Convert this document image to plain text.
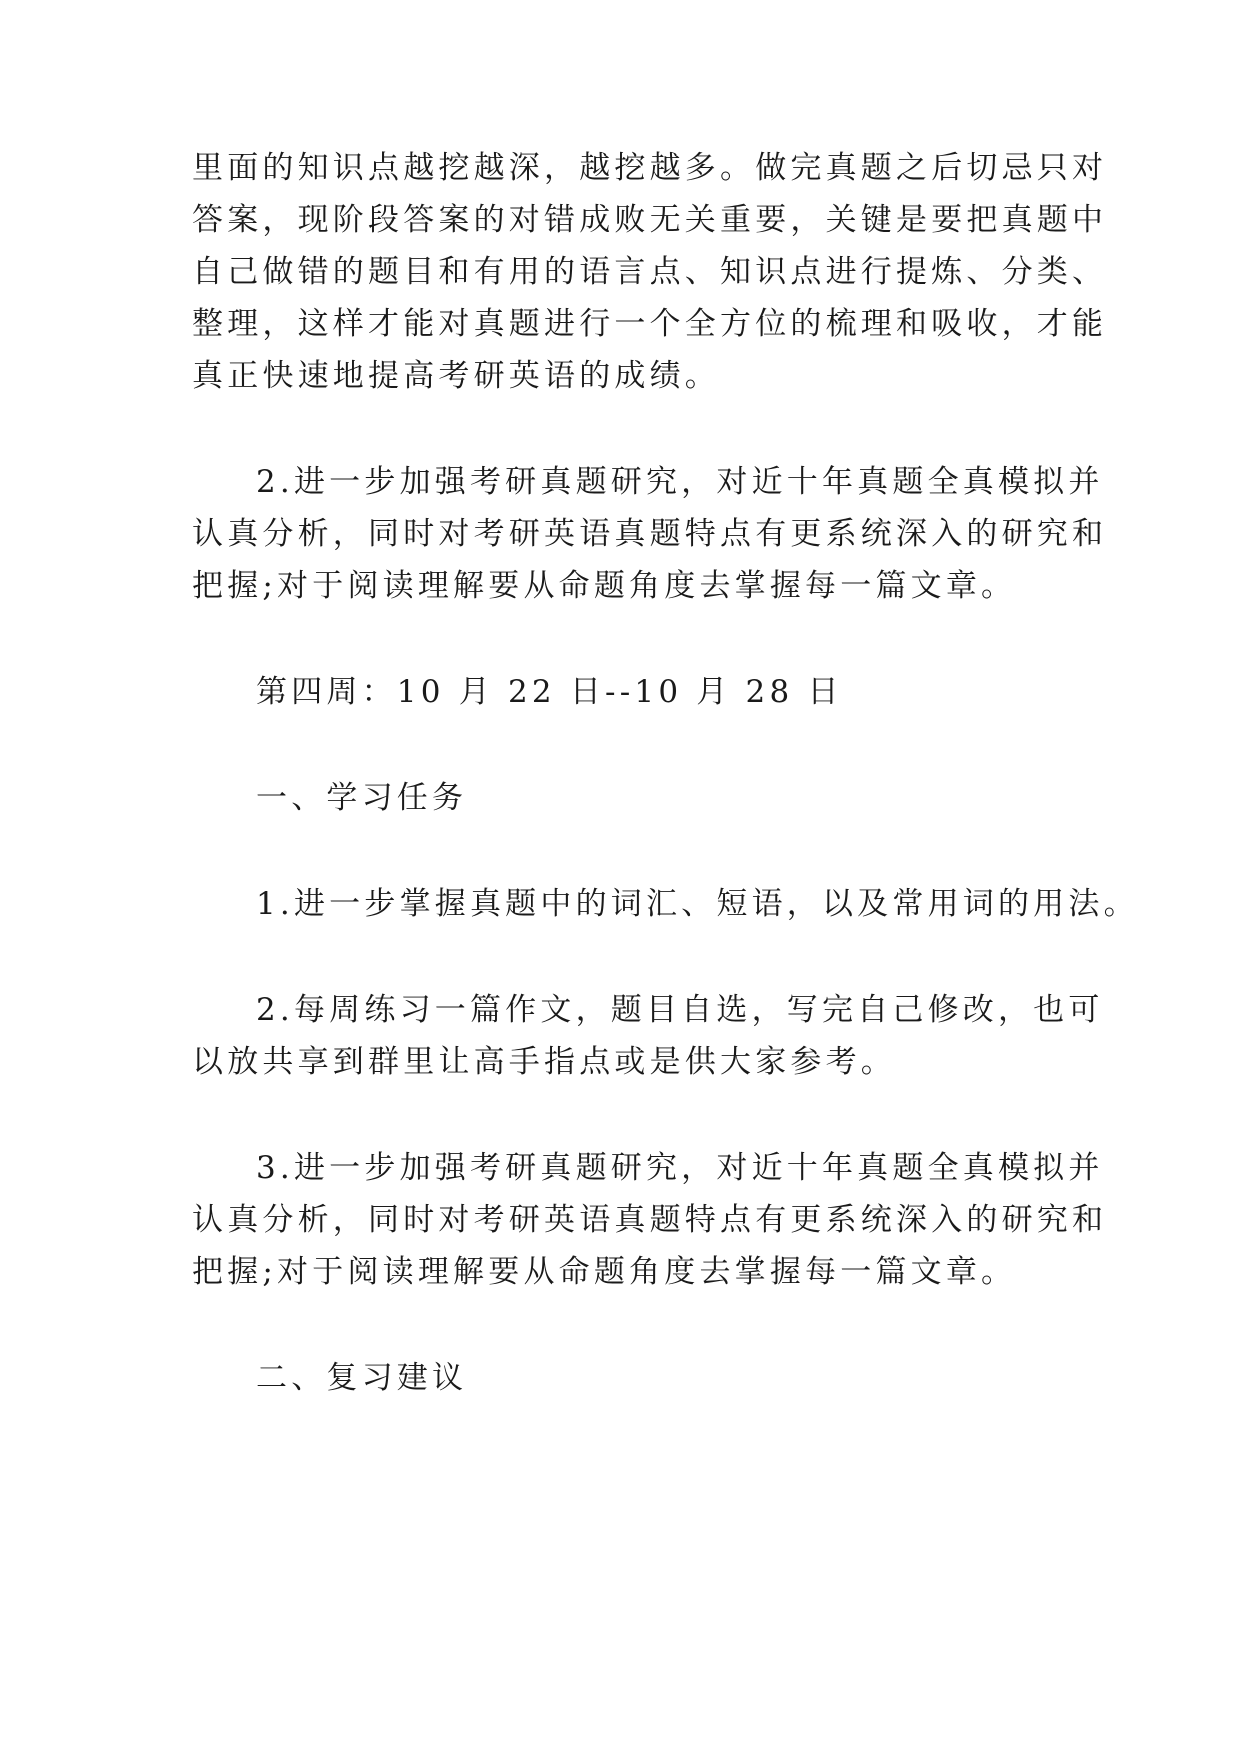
里面的知识点越挖越深，越挖越多。做完真题之后切忌只对
答案，现阶段答案的对错成败无关重要，关键是要把真题中
自己做错的题目和有用的语言点、知识点进行提炼、分类、
整理，这样才能对真题进行一个全方位的梳理和吸收，才能
真正快速地提高考研英语的成绩。
2.进一步加强考研真题研究，对近十年真题全真模拟并
认真分析，同时对考研英语真题特点有更系统深入的研究和
把握;对于阅读理解要从命题角度去掌握每一篇文章。
第四周：10 月 22 日--10 月 28 日
一、学习任务
1.进一步掌握真题中的词汇、短语，以及常用词的用法。
2.每周练习一篇作文，题目自选，写完自己修改，也可
以放共享到群里让高手指点或是供大家参考。
3.进一步加强考研真题研究，对近十年真题全真模拟并
认真分析，同时对考研英语真题特点有更系统深入的研究和
把握;对于阅读理解要从命题角度去掌握每一篇文章。
二、复习建议
